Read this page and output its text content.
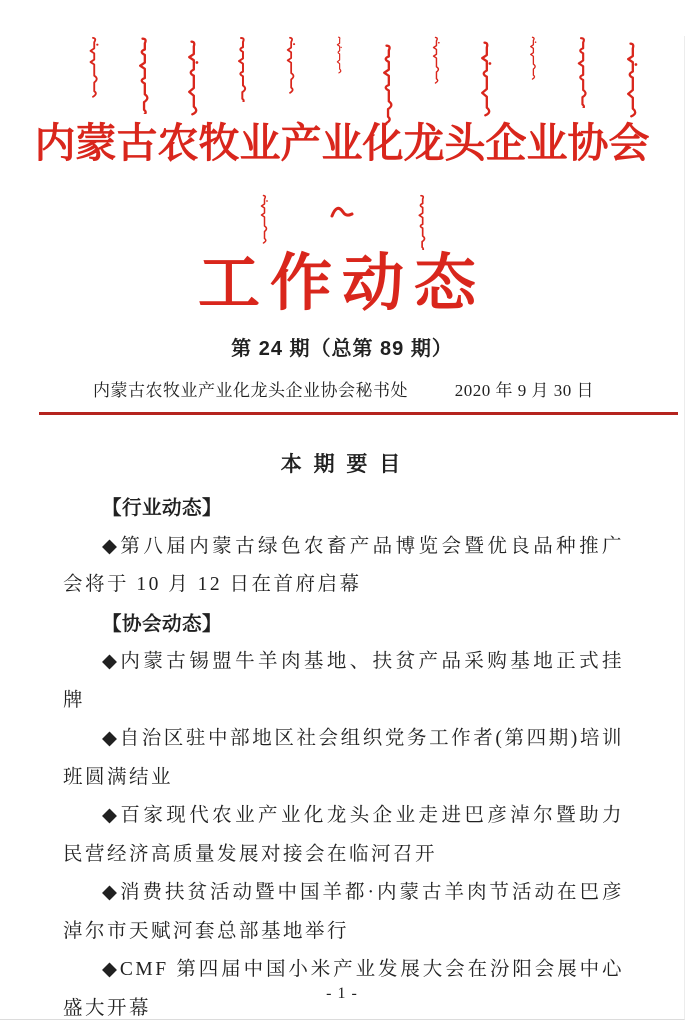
内蒙古农牧业产业化龙头企业协会
工作动态
第 24 期（总第 89 期）
内蒙古农牧业产业化龙头企业协会秘书处	2020 年 9 月 30 日
本 期 要 目

【行业动态】

◆第八届内蒙古绿色农畜产品博览会暨优良品种推广会将于 10 月 12 日在首府启幕

【协会动态】

◆内蒙古锡盟牛羊肉基地、扶贫产品采购基地正式挂牌

◆自治区驻中部地区社会组织党务工作者(第四期)培训班圆满结业

◆百家现代农业产业化龙头企业走进巴彦淖尔暨助力民营经济高质量发展对接会在临河召开

◆消费扶贫活动暨中国羊都·内蒙古羊肉节活动在巴彦淖尔市天赋河套总部基地举行

◆CMF 第四届中国小米产业发展大会在汾阳会展中心盛大开幕

- 1 -
